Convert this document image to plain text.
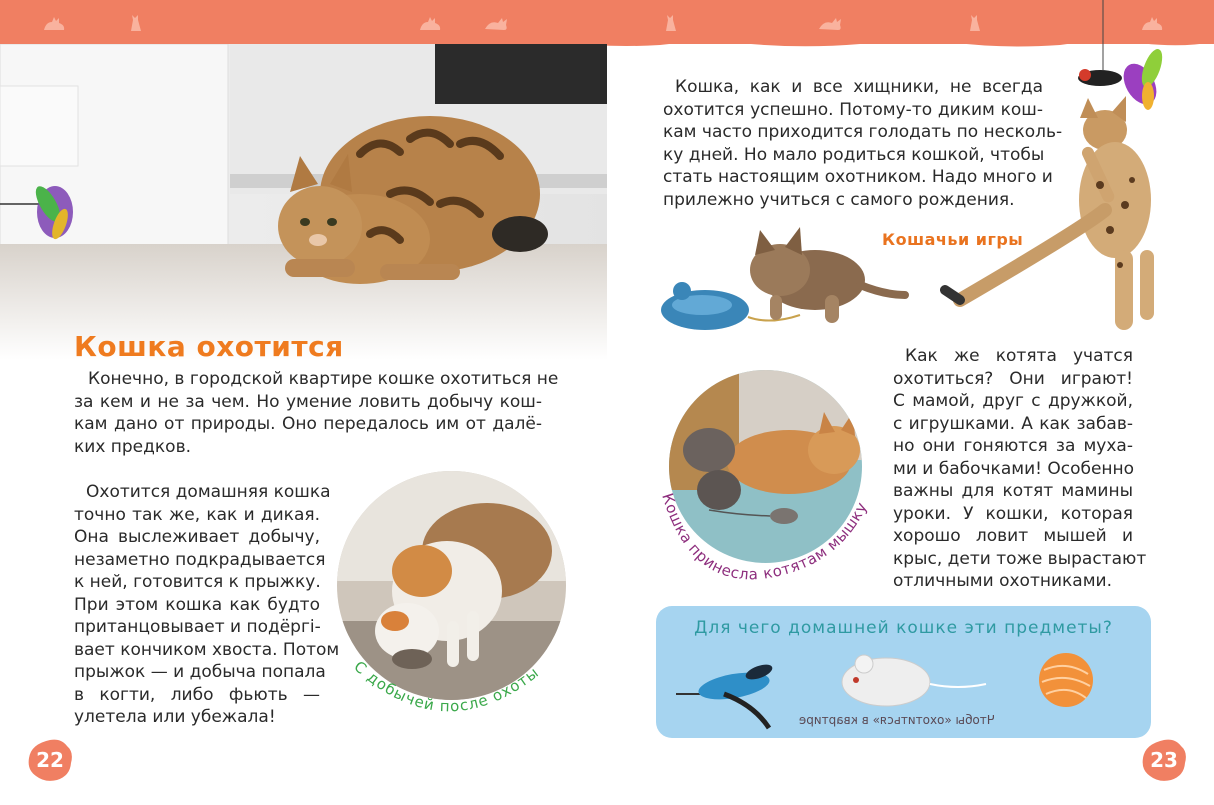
Кошка охотится
Конечно, в городской квартире кошке охотиться не
за кем и не за чем. Но умение ловить добычу кош-
кам дано от природы. Оно передалось им от далё-
ких предков.
Охотится домашняя кошка
точно так же, как и дикая.
Она выслеживает добычу,
незаметно подкрадывается
к ней, готовится к прыжку.
При этом кошка как будто
пританцовывает и подёргі-
вает кончиком хвоста. Потом
прыжок — и добыча попала
в когти, либо фьють —
улетела или убежала!
С добычей после охоты
22
Кошка, как и все хищники, не всегда
охотится успешно. Потому-то диким кош-
кам часто приходится голодать по несколь-
ку дней. Но мало родиться кошкой, чтобы
стать настоящим охотником. Надо много и
прилежно учиться с самого рождения.
Кошачьи игры
Как же котята учатся
охотиться? Они играют!
С мамой, друг с дружкой,
с игрушками. А как забав-
но они гоняются за муха-
ми и бабочками! Особенно
важны для котят мамины
уроки. У кошки, которая
хорошо ловит мышей и
крыс, дети тоже вырастают
отличными охотниками.
Кошка принесла котятам мышку
Для чего домашней кошке эти предметы?
Чтобы «охотиться» в квартире
23
